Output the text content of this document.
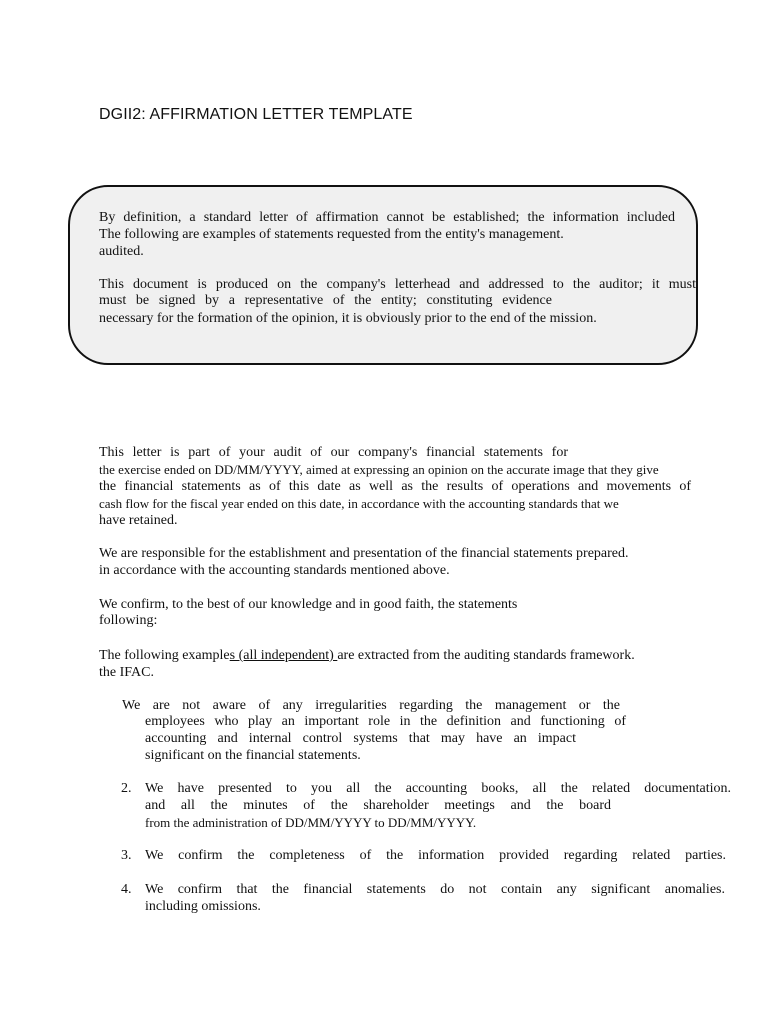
DGII2: AFFIRMATION LETTER TEMPLATE
By definition, a standard letter of affirmation cannot be established; the information included
The following are examples of statements requested from the entity's management.
audited.
This document is produced on the company's letterhead and addressed to the auditor; it must
must be signed by a representative of the entity; constituting evidence
necessary for the formation of the opinion, it is obviously prior to the end of the mission.
This letter is part of your audit of our company's financial statements for
the exercise ended on DD/MM/YYYY, aimed at expressing an opinion on the accurate image that they give
the financial statements as of this date as well as the results of operations and movements of
cash flow for the fiscal year ended on this date, in accordance with the accounting standards that we
have retained.
We are responsible for the establishment and presentation of the financial statements prepared.
in accordance with the accounting standards mentioned above.
We confirm, to the best of our knowledge and in good faith, the statements
following:
The following examples (all independent) are extracted from the auditing standards framework.
the IFAC.
We are not aware of any irregularities regarding the management or the
employees who play an important role in the definition and functioning of
accounting and internal control systems that may have an impact
significant on the financial statements.
2. We have presented to you all the accounting books, all the related documentation.
and all the minutes of the shareholder meetings and the board
from the administration of DD/MM/YYYY to DD/MM/YYYY.
3. We confirm the completeness of the information provided regarding related parties.
4. We confirm that the financial statements do not contain any significant anomalies.
including omissions.
